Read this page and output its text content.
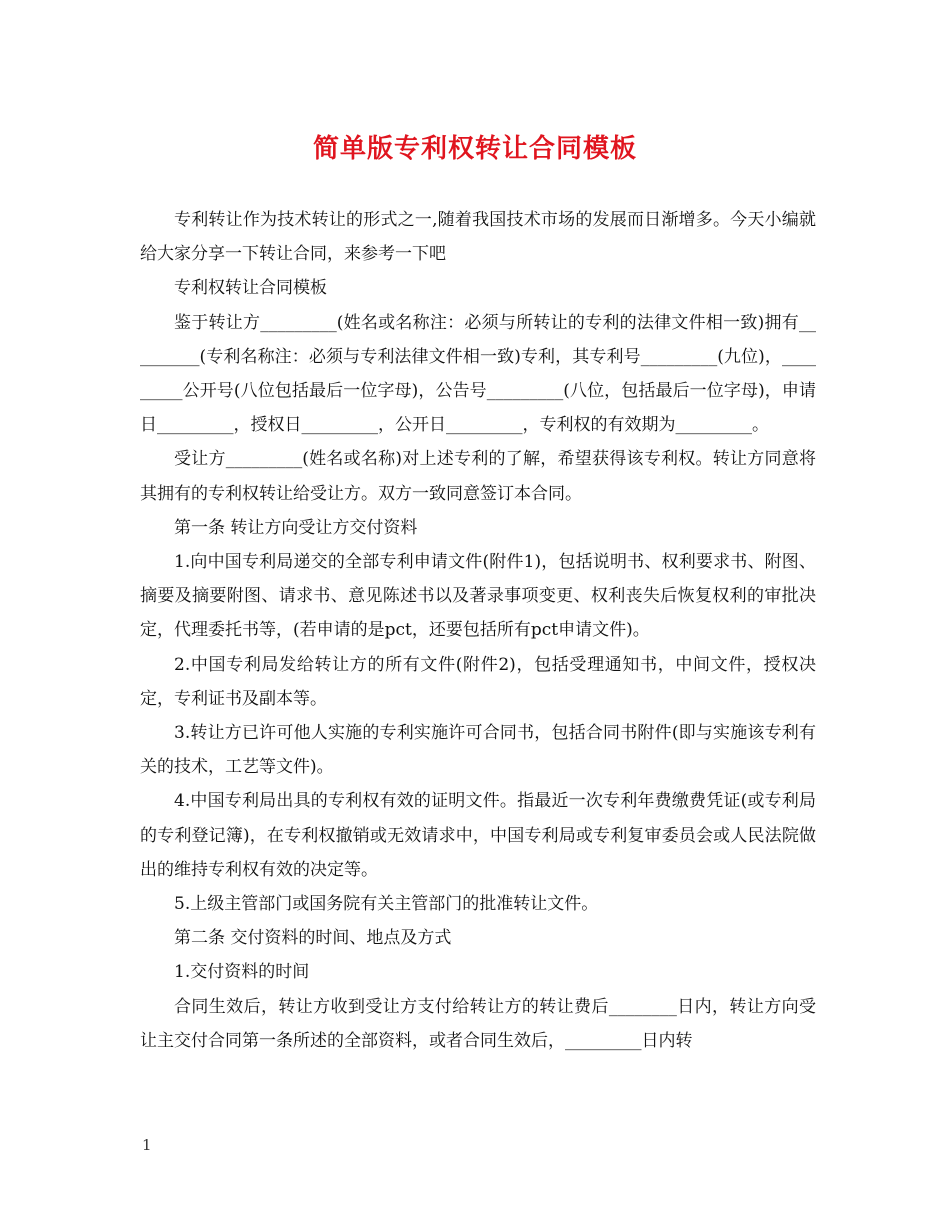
简单版专利权转让合同模板

专利转让作为技术转让的形式之一,随着我国技术市场的发展而日渐增多。今天小编就给大家分享一下转让合同，来参考一下吧

专利权转让合同模板

鉴于转让方_________(姓名或名称注：必须与所转让的专利的法律文件相一致)拥有_________(专利名称注：必须与专利法律文件相一致)专利，其专利号_________(九位)，_________公开号(八位包括最后一位字母)，公告号_________(八位，包括最后一位字母)，申请日_________，授权日_________，公开日_________，专利权的有效期为_________。

受让方_________(姓名或名称)对上述专利的了解，希望获得该专利权。转让方同意将其拥有的专利权转让给受让方。双方一致同意签订本合同。

第一条 转让方向受让方交付资料

1.向中国专利局递交的全部专利申请文件(附件1)，包括说明书、权利要求书、附图、摘要及摘要附图、请求书、意见陈述书以及著录事项变更、权利丧失后恢复权利的审批决定，代理委托书等，(若申请的是pct，还要包括所有pct申请文件)。

2.中国专利局发给转让方的所有文件(附件2)，包括受理通知书，中间文件，授权决定，专利证书及副本等。

3.转让方已许可他人实施的专利实施许可合同书，包括合同书附件(即与实施该专利有关的技术，工艺等文件)。

4.中国专利局出具的专利权有效的证明文件。指最近一次专利年费缴费凭证(或专利局的专利登记簿)，在专利权撤销或无效请求中，中国专利局或专利复审委员会或人民法院做出的维持专利权有效的决定等。

5.上级主管部门或国务院有关主管部门的批准转让文件。

第二条 交付资料的时间、地点及方式

1.交付资料的时间

合同生效后，转让方收到受让方支付给转让方的转让费后________日内，转让方向受让主交付合同第一条所述的全部资料，或者合同生效后，_________日内转

1
